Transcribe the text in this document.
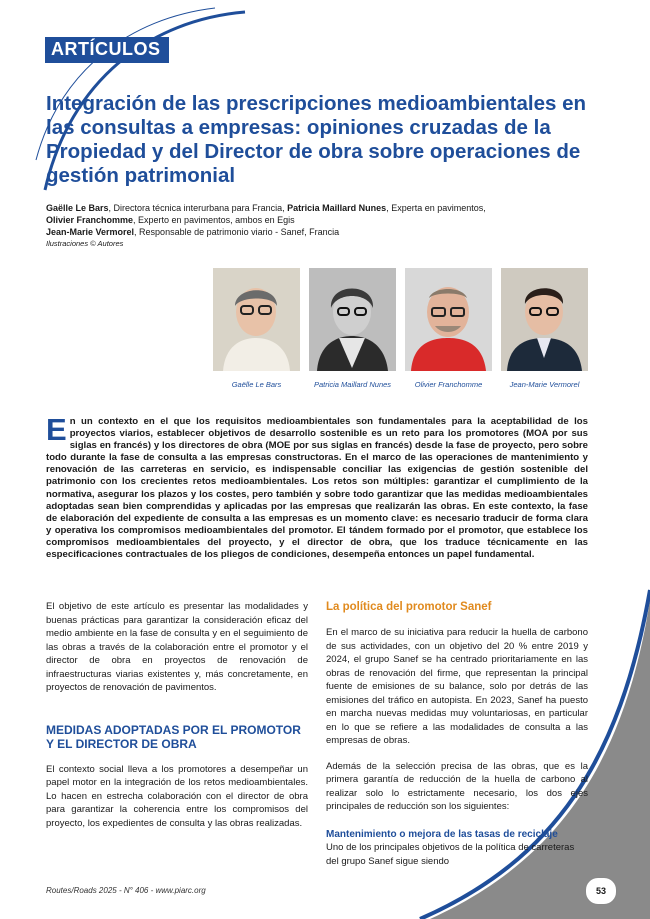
ARTÍCULOS
Integración de las prescripciones medioambientales en las consultas a empresas: opiniones cruzadas de la Propiedad y del Director de obra sobre operaciones de gestión patrimonial
Gaëlle Le Bars, Directora técnica interurbana para Francia, Patricia Maillard Nunes, Experta en pavimentos,
Olivier Franchomme, Experto en pavimentos, ambos en Egis
Jean-Marie Vermorel, Responsable de patrimonio viario - Sanef, Francia
Ilustraciones © Autores
Gaëlle Le Bars	Patricia Maillard Nunes	Olivier Franchomme	Jean-Marie Vermorel

En un contexto en el que los requisitos medioambientales son fundamentales para la aceptabilidad de los proyectos viarios, establecer objetivos de desarrollo sostenible es un reto para los promotores (MOA por sus siglas en francés) y los directores de obra (MOE por sus siglas en francés) desde la fase de proyecto, pero sobre todo durante la fase de consulta a las empresas constructoras. En el marco de las operaciones de mantenimiento y renovación de las carreteras en servicio, es indispensable conciliar las exigencias de gestión sostenible del patrimonio con los crecientes retos medioambientales. Los retos son múltiples: garantizar el cumplimiento de la normativa, asegurar los plazos y los costes, pero también y sobre todo garantizar que las medidas medioambientales adoptadas sean bien comprendidas y aplicadas por las empresas que realizarán las obras. En este contexto, la fase de elaboración del expediente de consulta a las empresas es un momento clave: es necesario traducir de forma clara y operativa los compromisos medioambientales del promotor. El tándem formado por el promotor, que establece los compromisos medioambientales del proyecto, y el director de obra, que los traduce técnicamente en las especificaciones contractuales de los pliegos de condiciones, desempeña entonces un papel fundamental.

El objetivo de este artículo es presentar las modalidades y buenas prácticas para garantizar la consideración eficaz del medio ambiente en la fase de consulta y en el seguimiento de las obras a través de la colaboración entre el promotor y el director de obra en proyectos de renovación de infraestructuras viarias existentes y, más concretamente, en proyectos de renovación de pavimentos.

MEDIDAS ADOPTADAS POR EL PROMOTOR Y EL DIRECTOR DE OBRA

El contexto social lleva a los promotores a desempeñar un papel motor en la integración de los retos medioambientales. Lo hacen en estrecha colaboración con el director de obra para garantizar la coherencia entre los compromisos del proyecto, los expedientes de consulta y las obras realizadas.

La política del promotor Sanef

En el marco de su iniciativa para reducir la huella de carbono de sus actividades, con un objetivo del 20 % entre 2019 y 2024, el grupo Sanef se ha centrado prioritariamente en las obras de renovación del firme, que representan la principal fuente de emisiones de su balance, solo por detrás de las emisiones del tráfico en autopista. En 2023, Sanef ha puesto en marcha nuevas medidas muy voluntariosas, en particular en lo que se refiere a las modalidades de consulta a las empresas de obras.

Además de la selección precisa de las obras, que es la primera garantía de reducción de la huella de carbono al realizar solo lo estrictamente necesario, los dos ejes principales de reducción son los siguientes:

Mantenimiento o mejora de las tasas de reciclaje

Uno de los principales objetivos de la política de carreteras del grupo Sanef sigue siendo

Routes/Roads 2025 - N° 406 - www.piarc.org	53
